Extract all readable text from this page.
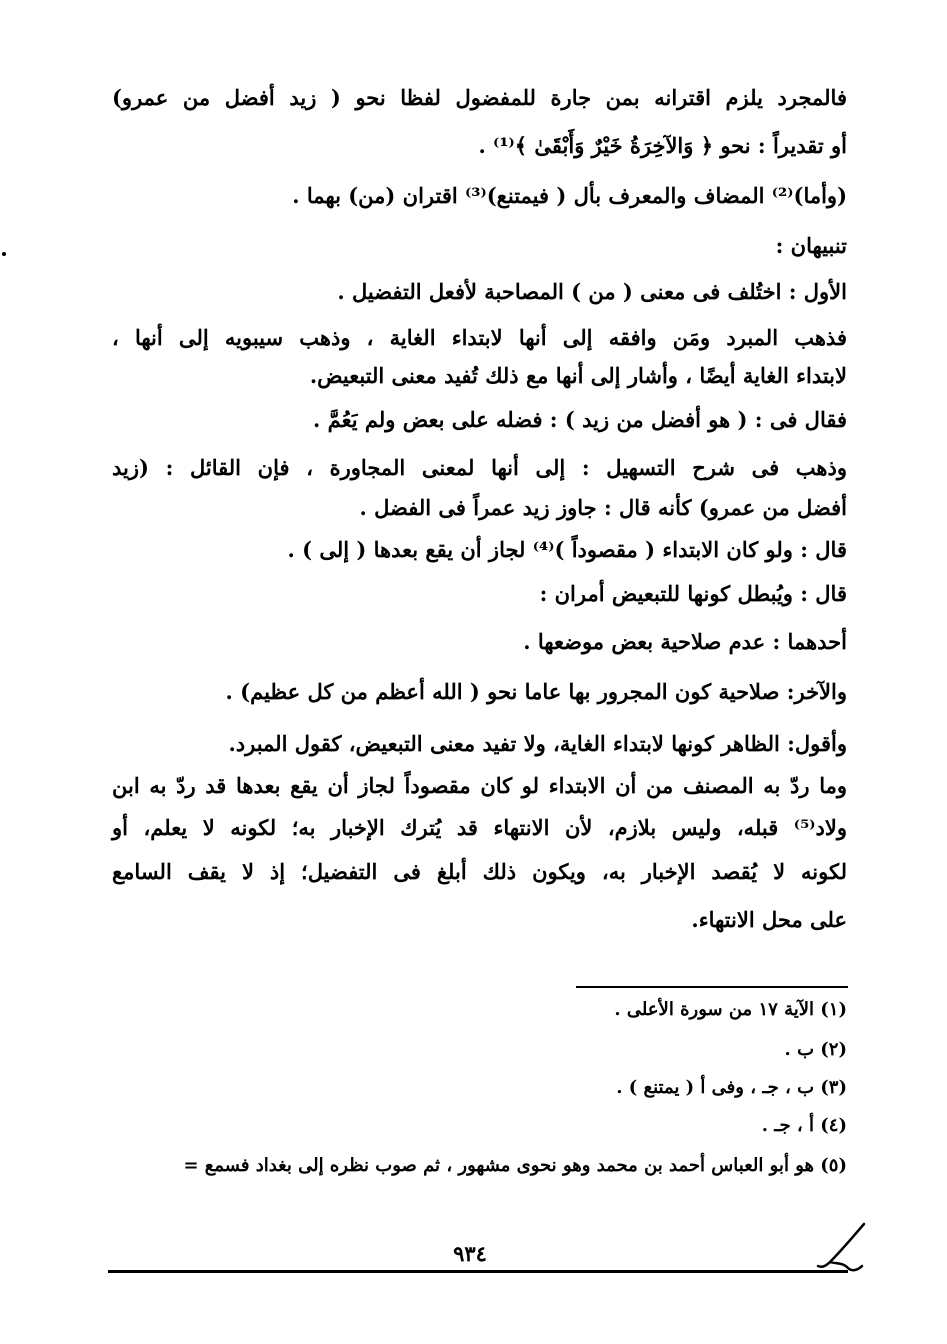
فالمجرد يلزم اقترانه بمن جارة للمفضول لفظا نحو ( زيد أفضل من عمرو)
أو تقديراً : نحو ﴿ وَالآخِرَةُ خَيْرٌ وَأَبْقَىٰ ﴾⁽¹⁾ .
(وأما)⁽²⁾ المضاف والمعرف بأل ( فيمتنع)⁽³⁾ اقتران (من) بهما .
تنبيهان :
الأول : اختُلف فى معنى ( من ) المصاحبة لأفعل التفضيل .
فذهب المبرد ومَن وافقه إلى أنها لابتداء الغاية ، وذهب سيبويه إلى أنها ،
لابتداء الغاية أيضًا ، وأشار إلى أنها مع ذلك تُفيد معنى التبعيض.
فقال فى : ( هو أفضل من زيد ) : فضله على بعض ولم يَعُمَّ .
وذهب فى شرح التسهيل : إلى أنها لمعنى المجاورة ، فإن القائل : (زيد
أفضل من عمرو) كأنه قال : جاوز زيد عمراً فى الفضل .
قال : ولو كان الابتداء ( مقصوداً )⁽⁴⁾ لجاز أن يقع بعدها ( إلى ) .
قال : ويُبطل كونها للتبعيض أمران :
أحدهما : عدم صلاحية بعض موضعها .
والآخر: صلاحية كون المجرور بها عاما نحو ( الله أعظم من كل عظيم) .
وأقول: الظاهر كونها لابتداء الغاية، ولا تفيد معنى التبعيض، كقول المبرد.
وما ردّ به المصنف من أن الابتداء لو كان مقصوداً لجاز أن يقع بعدها قد ردّ به ابن
ولاد⁽⁵⁾ قبله، وليس بلازم، لأن الانتهاء قد يُترك الإخبار به؛ لكونه لا يعلم، أو
لكونه لا يُقصد الإخبار به، ويكون ذلك أبلغ فى التفضيل؛ إذ لا يقف السامع
على محل الانتهاء.
(١) الآية ١٧ من سورة الأعلى .
(٢) ب .
(٣) ب ، جـ ، وفى أ ( يمتنع ) .
(٤) أ ، جـ .
(٥) هو أبو العباس أحمد بن محمد وهو نحوى مشهور ، ثم صوب نظره إلى بغداد فسمع =
٩٣٤
